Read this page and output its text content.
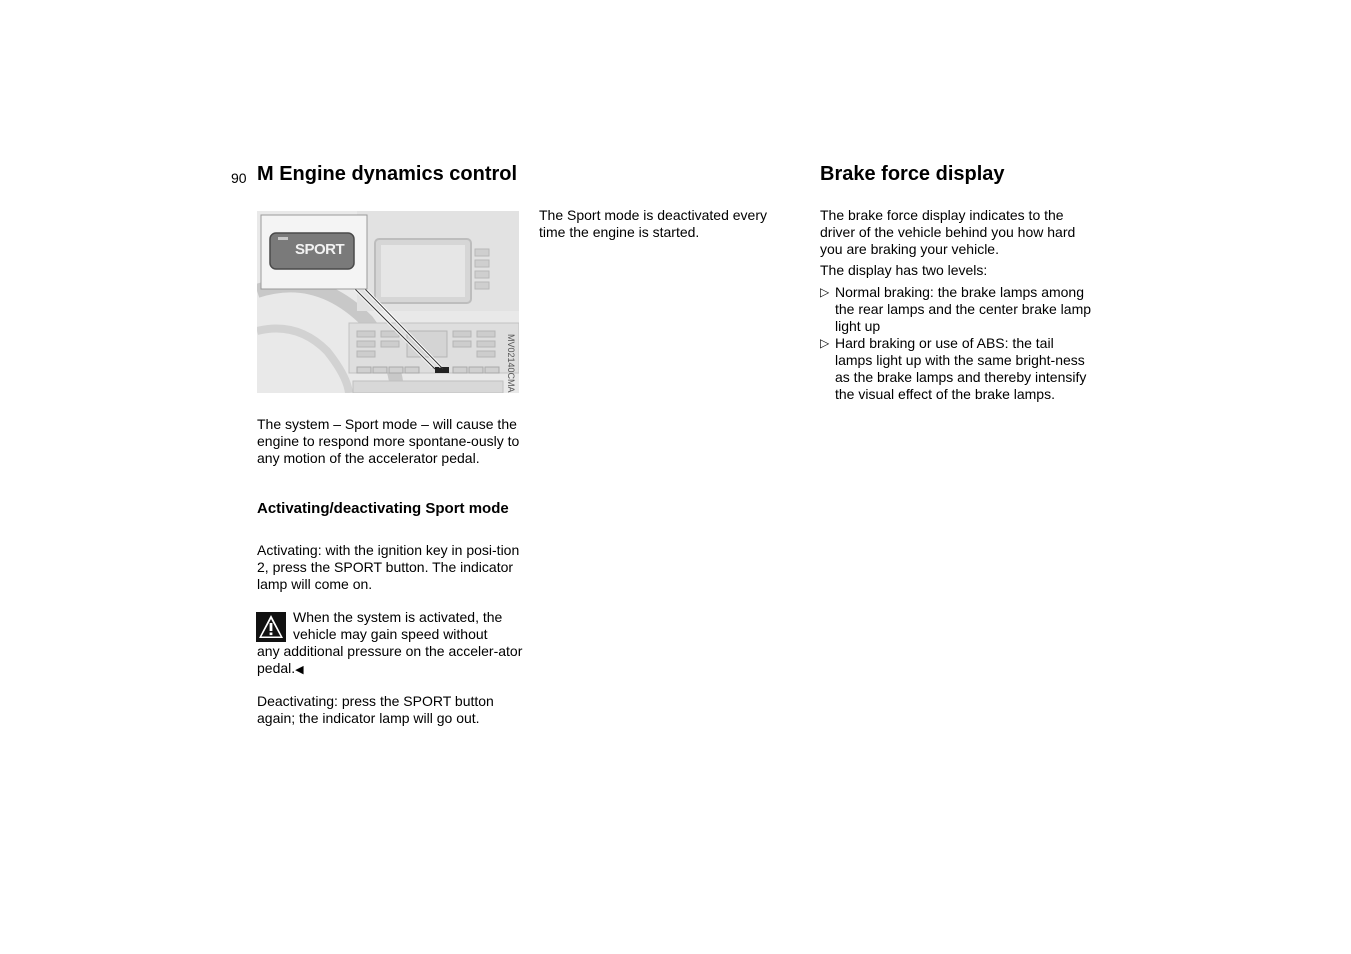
90 M Engine dynamics control
SPORT
MV02140CMA
The system – Sport mode – will cause the engine to respond more spontane-ously to any motion of the accelerator pedal.
Activating/deactivating Sport mode
Activating: with the ignition key in posi-tion 2, press the SPORT button. The indicator lamp will come on.
When the system is activated, the
vehicle may gain speed without
any additional pressure on the acceler-ator pedal.◀
Deactivating: press the SPORT button again; the indicator lamp will go out.
The Sport mode is deactivated every time the engine is started.
Brake force display
The brake force display indicates to the driver of the vehicle behind you how hard you are braking your vehicle.
The display has two levels:
▷ Normal braking: the brake lamps among the rear lamps and the center brake lamp light up
▷ Hard braking or use of ABS: the tail lamps light up with the same bright-ness as the brake lamps and thereby intensify the visual effect of the brake lamps.
